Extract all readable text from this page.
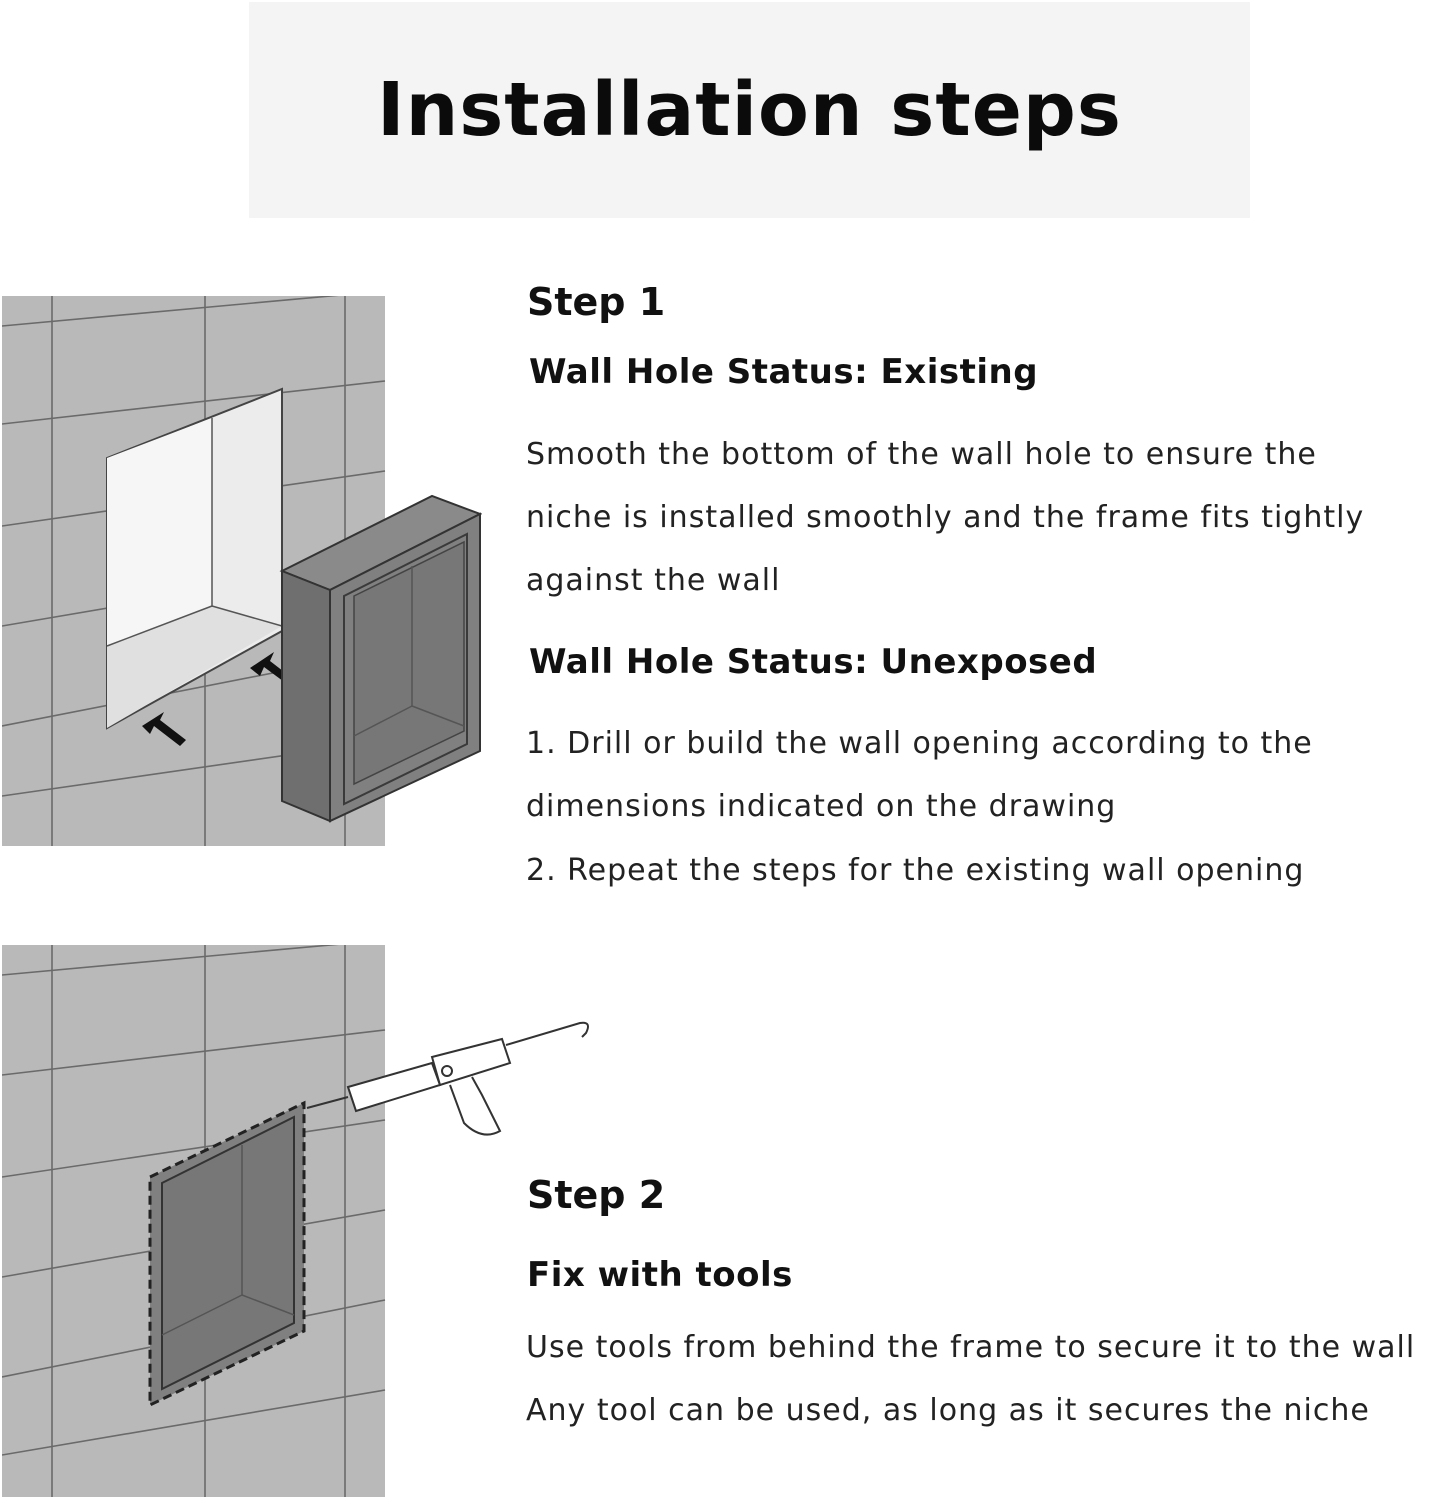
Installation steps
Step 1
Wall Hole Status: Existing

Smooth the bottom of the wall hole to ensure the

niche is installed smoothly and the frame fits tightly

against the wall

Wall Hole Status: Unexposed

1. Drill or build the wall opening according to the

dimensions indicated on the drawing

2. Repeat the steps for the existing wall opening

Step 2
Fix with tools

Use tools from behind the frame to secure it to the wall

Any tool can be used, as long as it secures the niche
